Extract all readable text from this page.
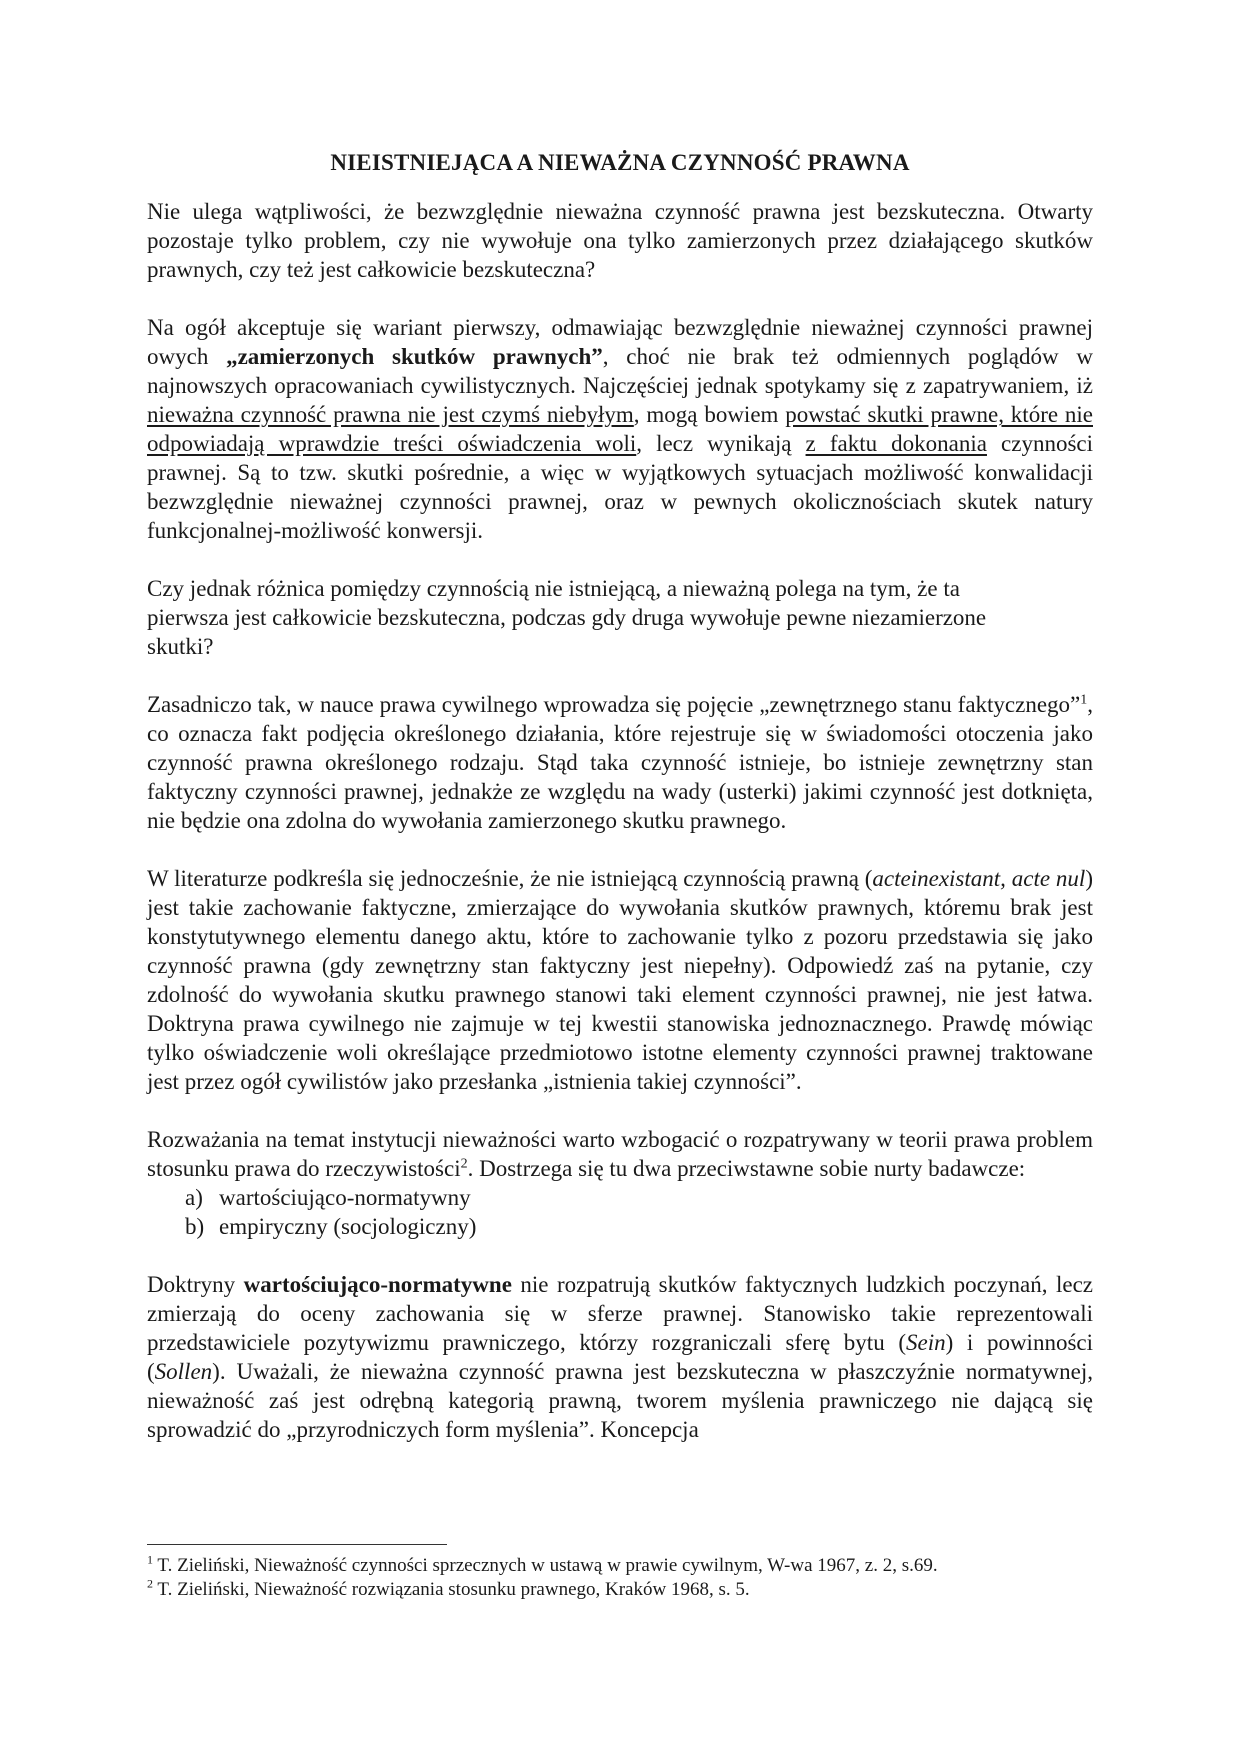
NIEISTNIEJĄCA A NIEWAŻNA CZYNNOŚĆ PRAWNA

Nie ulega wątpliwości, że bezwzględnie nieważna czynność prawna jest bezskuteczna. Otwarty pozostaje tylko problem, czy nie wywołuje ona tylko zamierzonych przez działającego skutków prawnych, czy też jest całkowicie bezskuteczna?

Na ogół akceptuje się wariant pierwszy, odmawiając bezwzględnie nieważnej czynności prawnej owych „zamierzonych skutków prawnych”, choć nie brak też odmiennych poglądów w najnowszych opracowaniach cywilistycznych. Najczęściej jednak spotykamy się z zapatrywaniem, iż nieważna czynność prawna nie jest czymś niebyłym, mogą bowiem powstać skutki prawne, które nie odpowiadają wprawdzie treści oświadczenia woli, lecz wynikają z faktu dokonania czynności prawnej. Są to tzw. skutki pośrednie, a więc w wyjątkowych sytuacjach możliwość konwalidacji bezwzględnie nieważnej czynności prawnej, oraz w pewnych okolicznościach skutek natury funkcjonalnej-możliwość konwersji.

Czy jednak różnica pomiędzy czynnością nie istniejącą, a nieważną polega na tym, że ta
pierwsza jest całkowicie bezskuteczna, podczas gdy druga wywołuje pewne niezamierzone
skutki?

Zasadniczo tak, w nauce prawa cywilnego wprowadza się pojęcie „zewnętrznego stanu faktycznego”$^1$, co oznacza fakt podjęcia określonego działania, które rejestruje się w świadomości otoczenia jako czynność prawna określonego rodzaju. Stąd taka czynność istnieje, bo istnieje zewnętrzny stan faktyczny czynności prawnej, jednakże ze względu na wady (usterki) jakimi czynność jest dotknięta, nie będzie ona zdolna do wywołania zamierzonego skutku prawnego.

W literaturze podkreśla się jednocześnie, że nie istniejącą czynnością prawną (acteinexistant, acte nul) jest takie zachowanie faktyczne, zmierzające do wywołania skutków prawnych, któremu brak jest konstytutywnego elementu danego aktu, które to zachowanie tylko z pozoru przedstawia się jako czynność prawna (gdy zewnętrzny stan faktyczny jest niepełny). Odpowiedź zaś na pytanie, czy zdolność do wywołania skutku prawnego stanowi taki element czynności prawnej, nie jest łatwa. Doktryna prawa cywilnego nie zajmuje w tej kwestii stanowiska jednoznacznego. Prawdę mówiąc tylko oświadczenie woli określające przedmiotowo istotne elementy czynności prawnej traktowane jest przez ogół cywilistów jako przesłanka „istnienia takiej czynności”.

Rozważania na temat instytucji nieważności warto wzbogacić o rozpatrywany w teorii prawa problem stosunku prawa do rzeczywistości$^2$. Dostrzega się tu dwa przeciwstawne sobie nurty badawcze:

a) wartościująco-normatywny
b) empiryczny (socjologiczny)

Doktryny wartościująco-normatywne nie rozpatrują skutków faktycznych ludzkich poczynań, lecz zmierzają do oceny zachowania się w sferze prawnej. Stanowisko takie reprezentowali przedstawiciele pozytywizmu prawniczego, którzy rozgraniczali sferę bytu (Sein) i powinności (Sollen). Uważali, że nieważna czynność prawna jest bezskuteczna w płaszczyźnie normatywnej, nieważność zaś jest odrębną kategorią prawną, tworem myślenia prawniczego nie dającą się sprowadzić do „przyrodniczych form myślenia”. Koncepcja

$^1$ T. Zieliński, Nieważność czynności sprzecznych w ustawą w prawie cywilnym, W-wa 1967, z. 2, s.69.
$^2$ T. Zieliński, Nieważność rozwiązania stosunku prawnego, Kraków 1968, s. 5.
